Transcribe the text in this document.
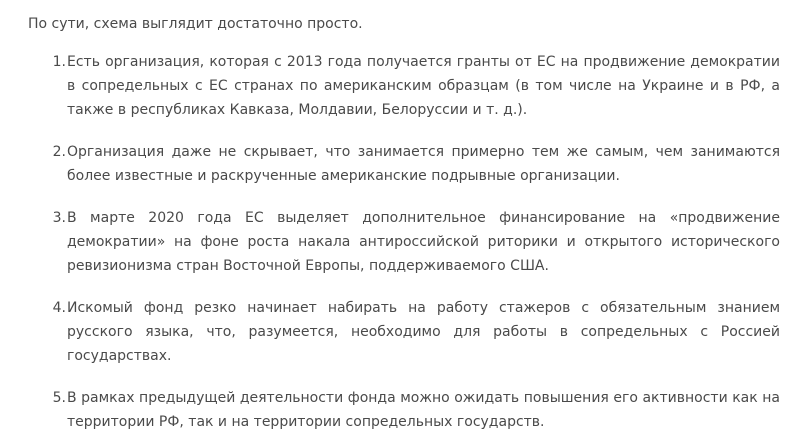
По сути, схема выглядит достаточно просто.

1. Есть организация, которая с 2013 года получается гранты от ЕС на продвижение демократии в сопредельных с ЕС странах по американским образцам (в том числе на Украине и в РФ, а также в республиках Кавказа, Молдавии, Белоруссии и т. д.).
2. Организация даже не скрывает, что занимается примерно тем же самым, чем занимаются более известные и раскрученные американские подрывные организации.
3. В марте 2020 года ЕС выделяет дополнительное финансирование на «продвижение демократии» на фоне роста накала антироссийской риторики и открытого исторического ревизионизма стран Восточной Европы, поддерживаемого США.
4. Искомый фонд резко начинает набирать на работу стажеров с обязательным знанием русского языка, что, разумеется, необходимо для работы в сопредельных с Россией государствах.
5. В рамках предыдущей деятельности фонда можно ожидать повышения его активности как на территории РФ, так и на территории сопредельных государств.
